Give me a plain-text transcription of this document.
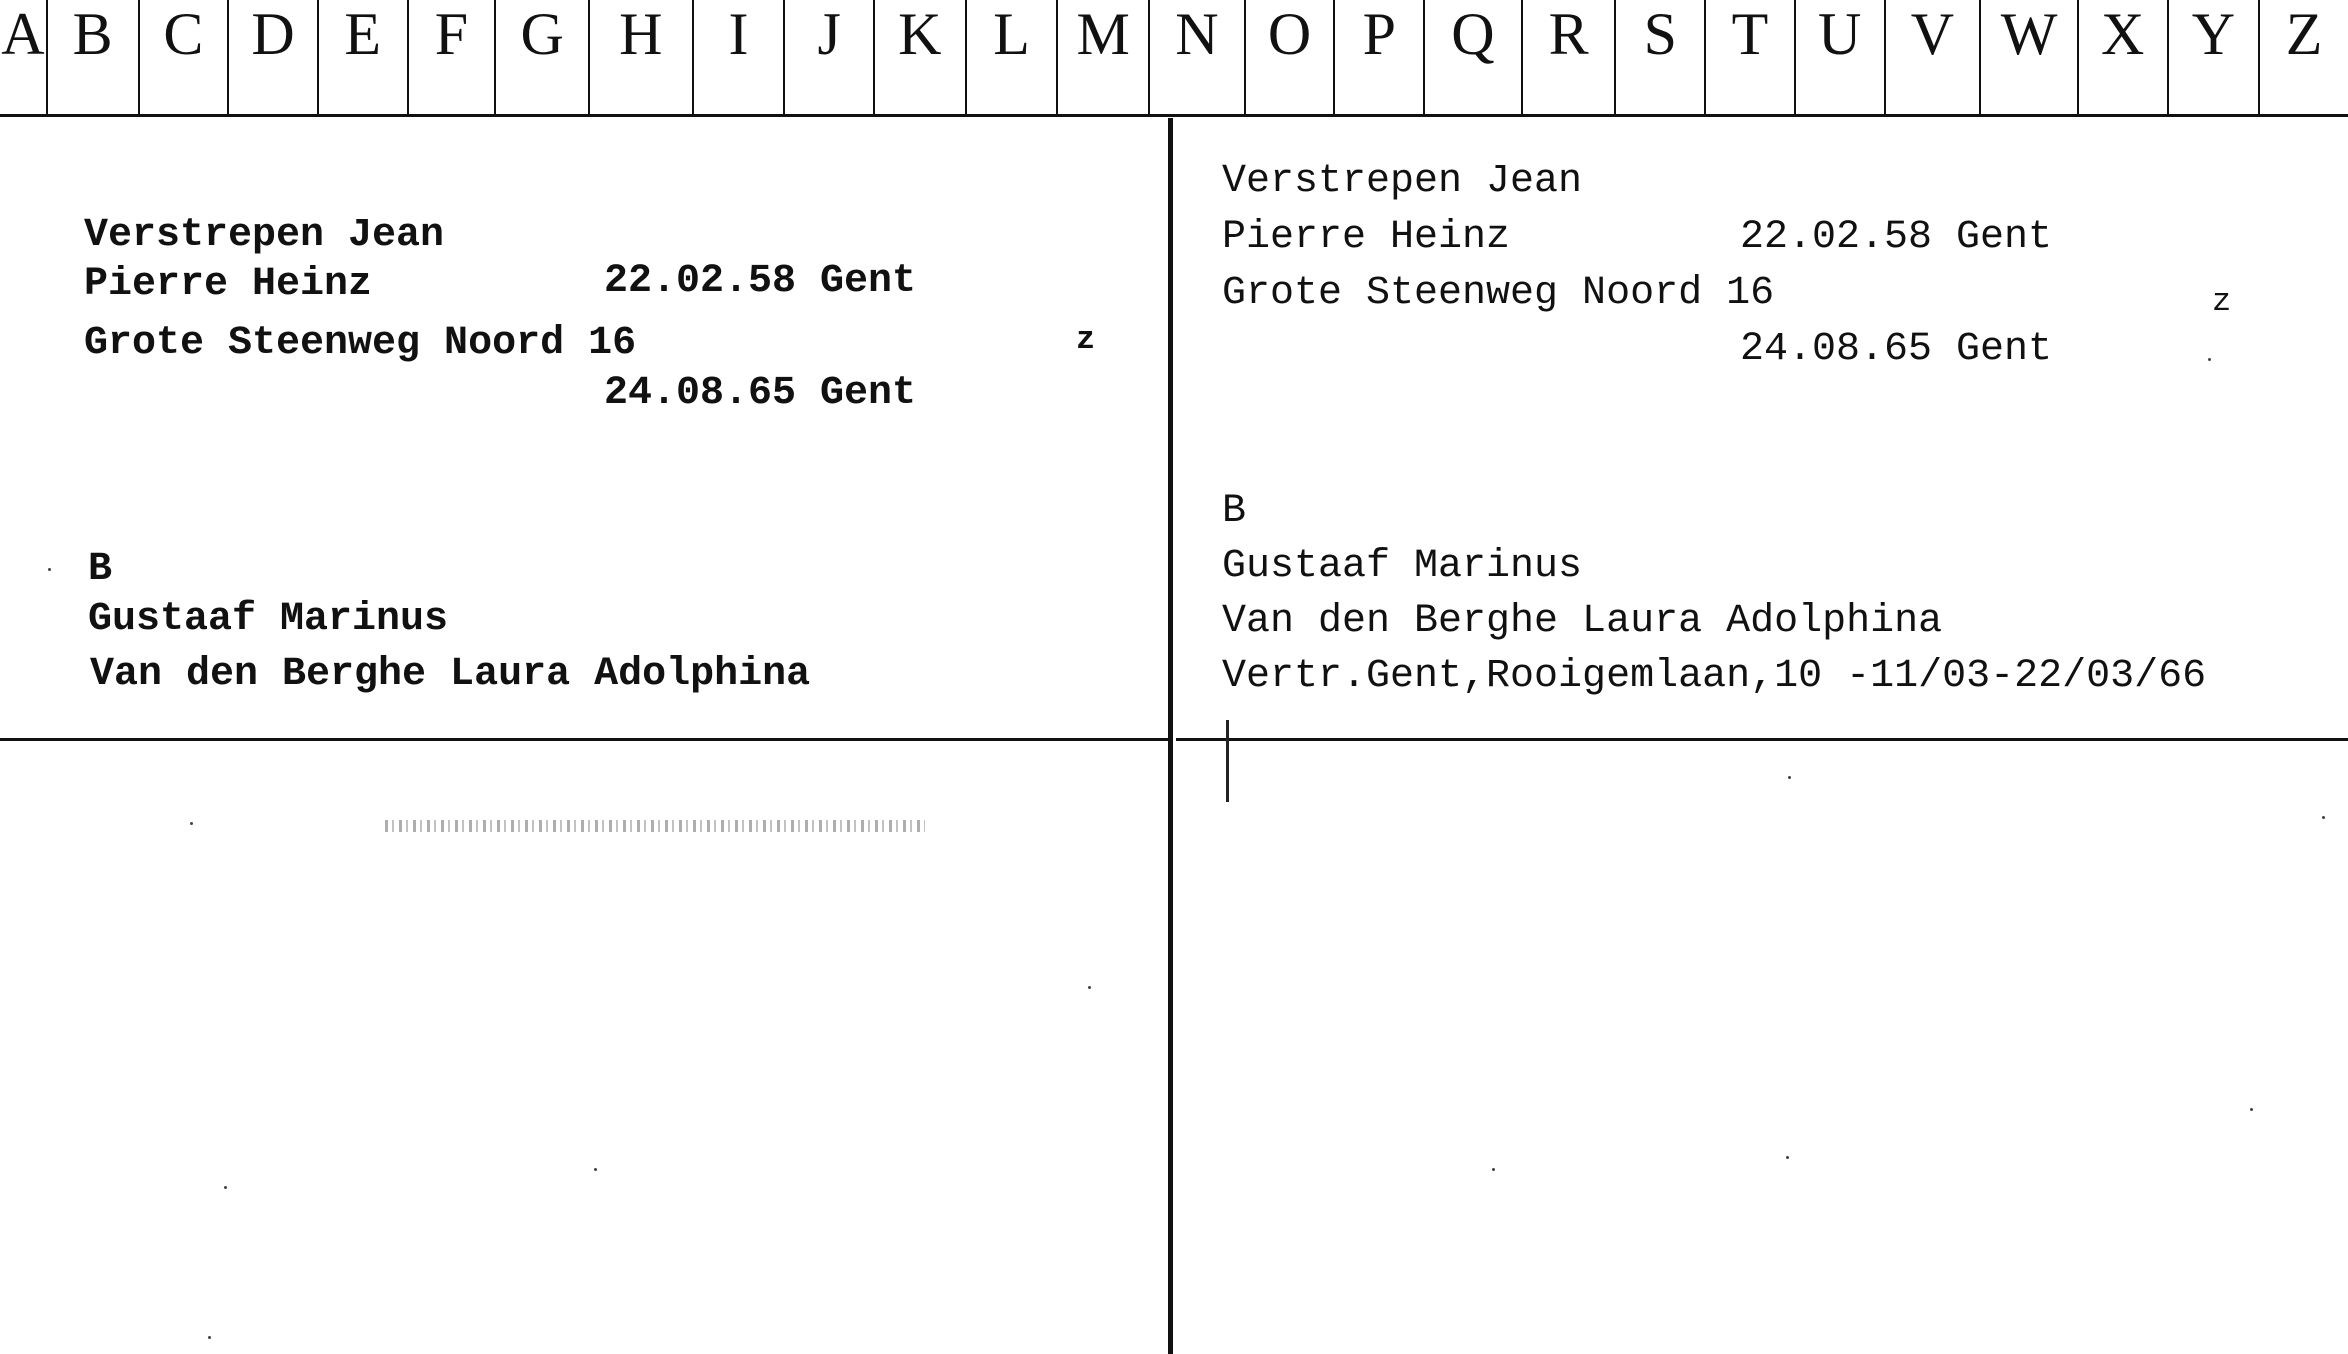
A B C D E F G H	I	J K L M N O P Q R S T U V W X Y Z
Verstrepen Jean
Pierre Heinz	22.02.58 Gent
Grote Steenweg Noord 16	z
24.08.65 Gent
B
Gustaaf Marinus
Van den Berghe Laura Adolphina
Verstrepen Jean
Pierre Heinz	22.02.58 Gent
Grote Steenweg Noord 16	z
24.08.65 Gent
B
Gustaaf Marinus
Van den Berghe Laura Adolphina
Vertr.Gent,Rooigemlaan,10 -11/03-22/03/66
